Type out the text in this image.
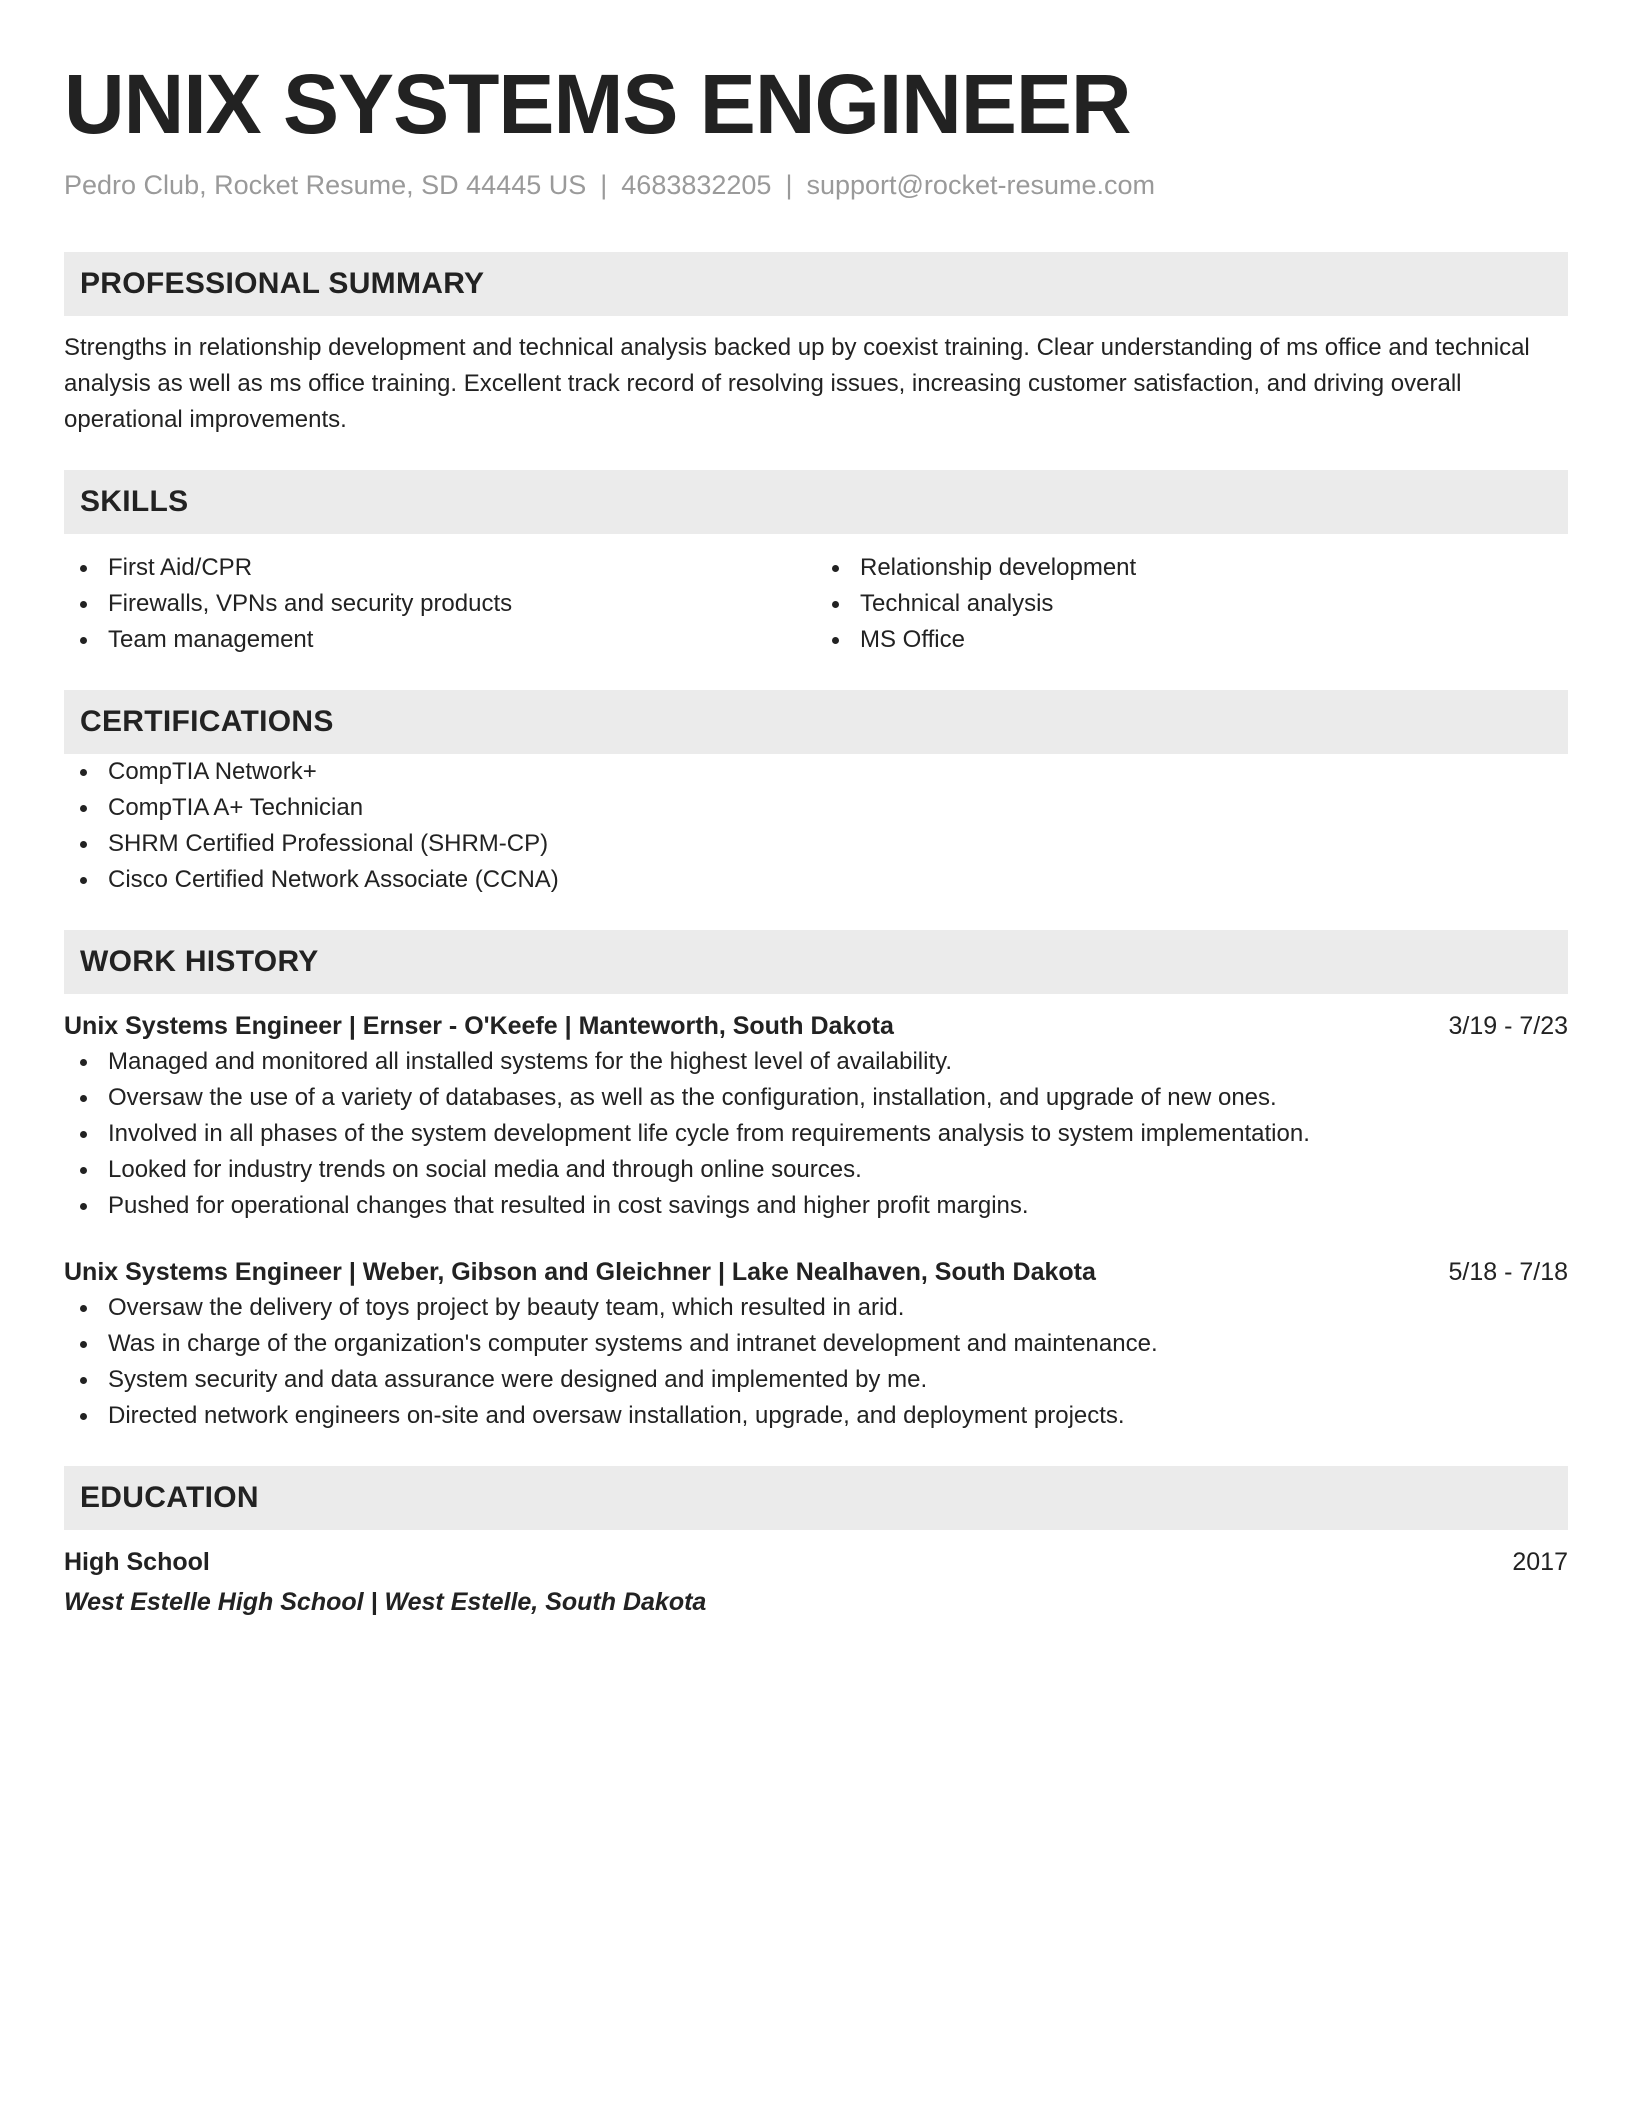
UNIX SYSTEMS ENGINEER
Pedro Club, Rocket Resume, SD 44445 US | 4683832205 | support@rocket-resume.com
PROFESSIONAL SUMMARY
Strengths in relationship development and technical analysis backed up by coexist training. Clear understanding of ms office and technical analysis as well as ms office training. Excellent track record of resolving issues, increasing customer satisfaction, and driving overall operational improvements.
SKILLS
First Aid/CPR
Firewalls, VPNs and security products
Team management
Relationship development
Technical analysis
MS Office
CERTIFICATIONS
CompTIA Network+
CompTIA A+ Technician
SHRM Certified Professional (SHRM-CP)
Cisco Certified Network Associate (CCNA)
WORK HISTORY
Unix Systems Engineer | Ernser - O'Keefe | Manteworth, South Dakota	3/19 - 7/23
Managed and monitored all installed systems for the highest level of availability.
Oversaw the use of a variety of databases, as well as the configuration, installation, and upgrade of new ones.
Involved in all phases of the system development life cycle from requirements analysis to system implementation.
Looked for industry trends on social media and through online sources.
Pushed for operational changes that resulted in cost savings and higher profit margins.
Unix Systems Engineer | Weber, Gibson and Gleichner | Lake Nealhaven, South Dakota	5/18 - 7/18
Oversaw the delivery of toys project by beauty team, which resulted in arid.
Was in charge of the organization's computer systems and intranet development and maintenance.
System security and data assurance were designed and implemented by me.
Directed network engineers on-site and oversaw installation, upgrade, and deployment projects.
EDUCATION
High School	2017
West Estelle High School | West Estelle, South Dakota
